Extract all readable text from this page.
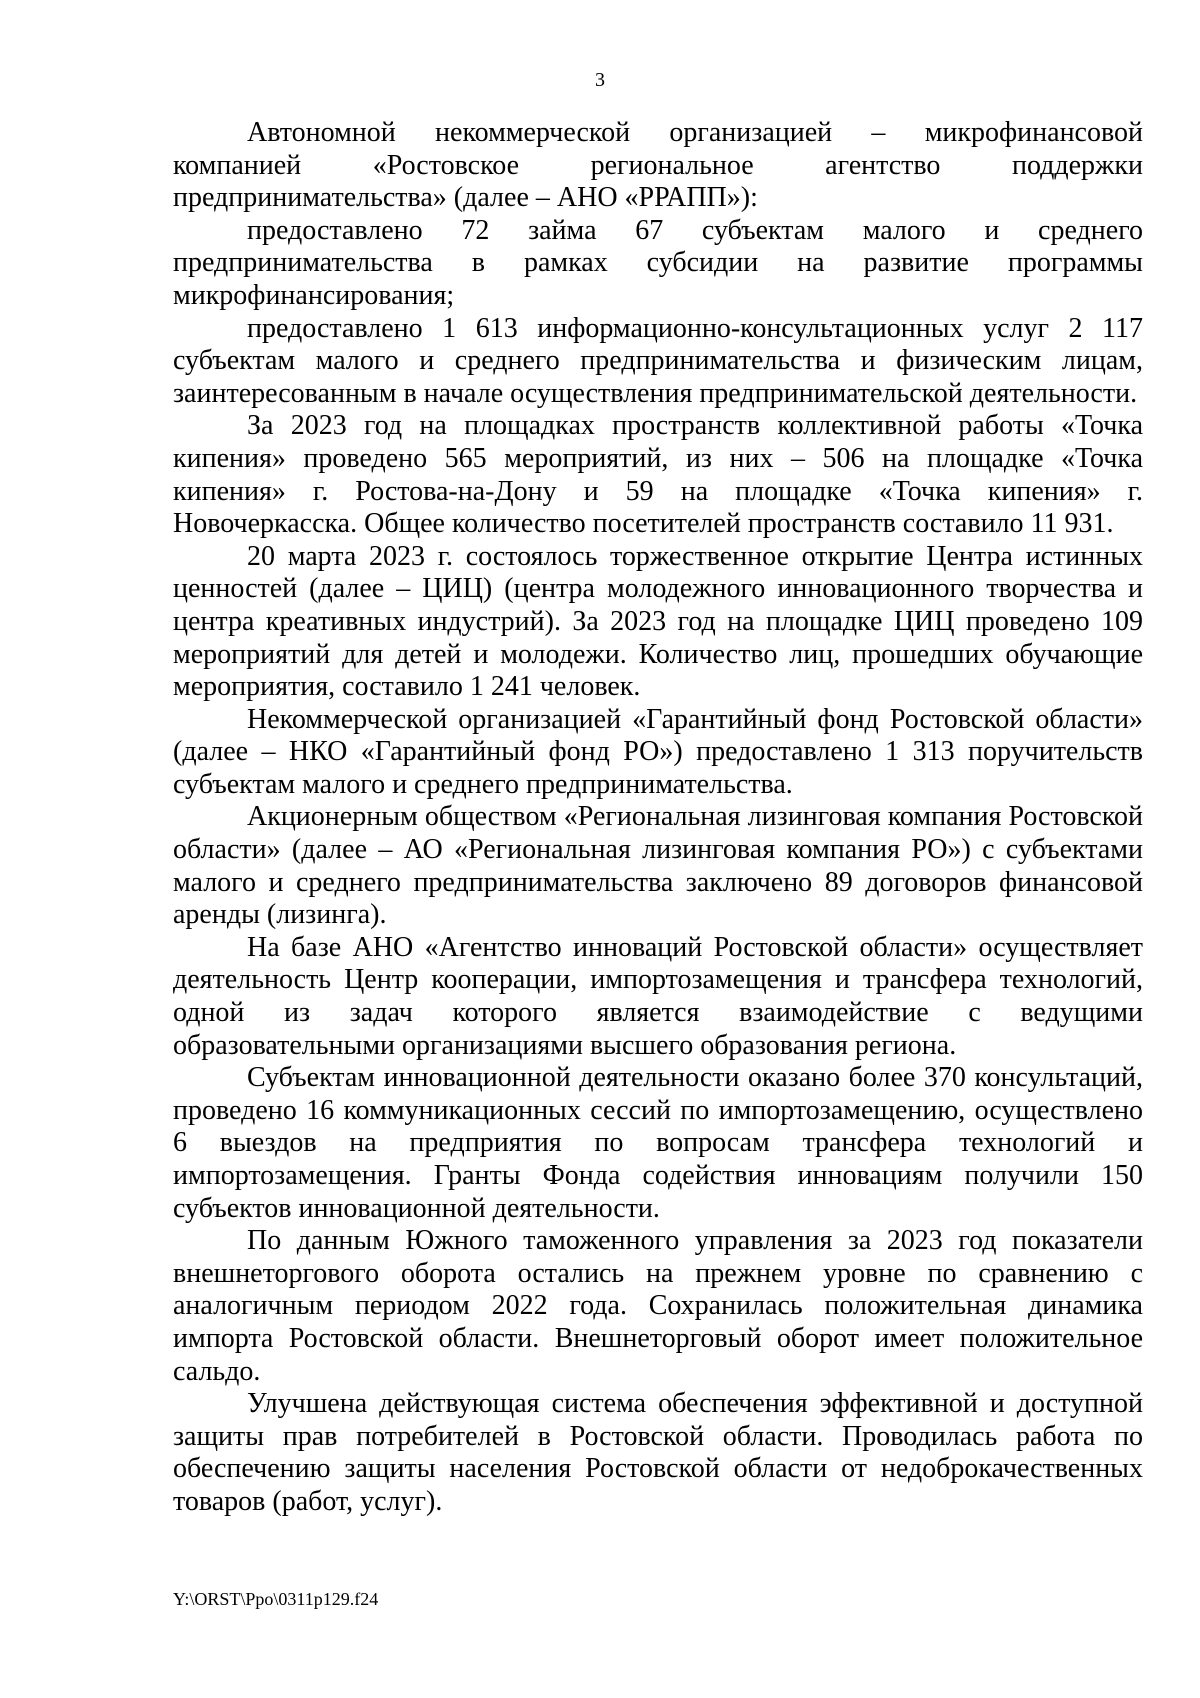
3

Автономной некоммерческой организацией – микрофинансовой компанией «Ростовское региональное агентство поддержки предпринимательства» (далее – АНО «РРАПП»):

предоставлено 72 займа 67 субъектам малого и среднего предпринимательства в рамках субсидии на развитие программы микрофинансирования;

предоставлено 1 613 информационно-консультационных услуг 2 117 субъектам малого и среднего предпринимательства и физическим лицам, заинтересованным в начале осуществления предпринимательской деятельности.

За 2023 год на площадках пространств коллективной работы «Точка кипения» проведено 565 мероприятий, из них – 506 на площадке «Точка кипения» г. Ростова-на-Дону и 59 на площадке «Точка кипения» г. Новочеркасска. Общее количество посетителей пространств составило 11 931.

20 марта 2023 г. состоялось торжественное открытие Центра истинных ценностей (далее – ЦИЦ) (центра молодежного инновационного творчества и центра креативных индустрий). За 2023 год на площадке ЦИЦ проведено 109 мероприятий для детей и молодежи. Количество лиц, прошедших обучающие мероприятия, составило 1 241 человек.

Некоммерческой организацией «Гарантийный фонд Ростовской области» (далее – НКО «Гарантийный фонд РО») предоставлено 1 313 поручительств субъектам малого и среднего предпринимательства.

Акционерным обществом «Региональная лизинговая компания Ростовской области» (далее – АО «Региональная лизинговая компания РО») с субъектами малого и среднего предпринимательства заключено 89 договоров финансовой аренды (лизинга).

На базе АНО «Агентство инноваций Ростовской области» осуществляет деятельность Центр кооперации, импортозамещения и трансфера технологий, одной из задач которого является взаимодействие с ведущими образовательными организациями высшего образования региона.

Субъектам инновационной деятельности оказано более 370 консультаций, проведено 16 коммуникационных сессий по импортозамещению, осуществлено 6 выездов на предприятия по вопросам трансфера технологий и импортозамещения. Гранты Фонда содействия инновациям получили 150 субъектов инновационной деятельности.

По данным Южного таможенного управления за 2023 год показатели внешнеторгового оборота остались на прежнем уровне по сравнению с аналогичным периодом 2022 года. Сохранилась положительная динамика импорта Ростовской области. Внешнеторговый оборот имеет положительное сальдо.

Улучшена действующая система обеспечения эффективной и доступной защиты прав потребителей в Ростовской области. Проводилась работа по обеспечению защиты населения Ростовской области от недоброкачественных товаров (работ, услуг).

Y:\ORST\Ppo\0311p129.f24
